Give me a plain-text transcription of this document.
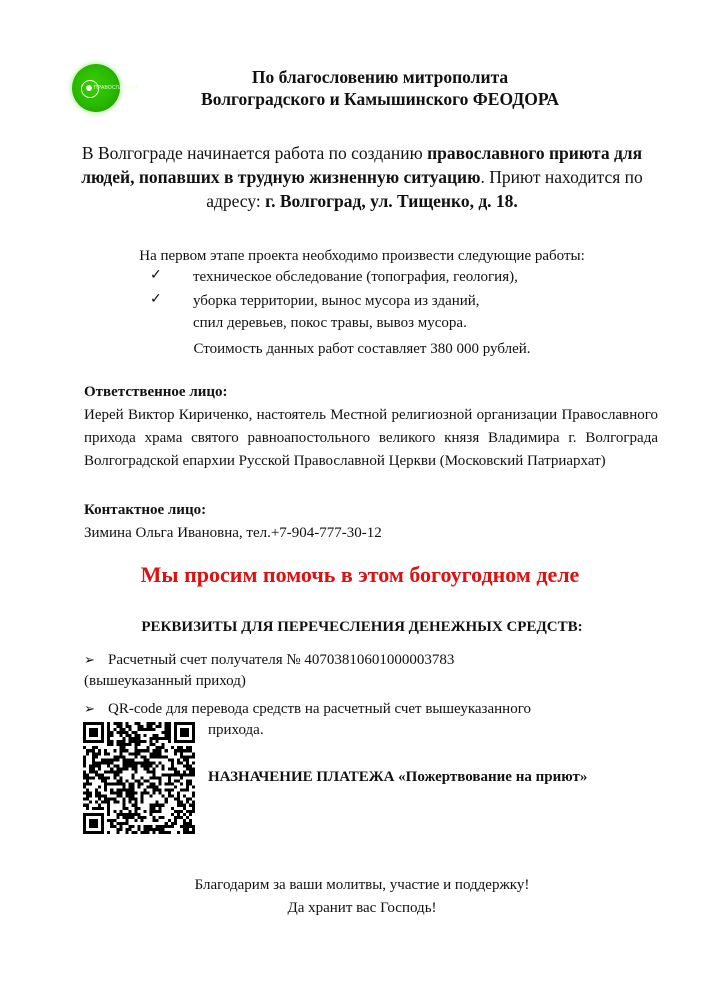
ПРАВОСЛАВНЫЙ
По благословению митрополита
Волгоградского и Камышинского ФЕОДОРА
В Волгограде начинается работа по созданию православного приюта для людей, попавших в трудную жизненную ситуацию. Приют находится по адресу: г. Волгоград, ул. Тищенко, д. 18.
На первом этапе проекта необходимо произвести следующие работы:
✓ техническое обследование (топография, геология),
✓ уборка территории, вынос мусора из зданий,
спил деревьев, покос травы, вывоз мусора.
Стоимость данных работ составляет 380 000 рублей.
Ответственное лицо:
Иерей Виктор Кириченко, настоятель Местной религиозной организации Православного прихода храма святого равноапостольного великого князя Владимира г. Волгограда Волгоградской епархии Русской Православной Церкви (Московский Патриархат)
Контактное лицо:
Зимина Ольга Ивановна, тел.+7-904-777-30-12
Мы просим помочь в этом богоугодном деле
РЕКВИЗИТЫ ДЛЯ ПЕРЕЧЕСЛЕНИЯ ДЕНЕЖНЫХ СРЕДСТВ:
➢ Расчетный счет получателя № 40703810601000003783
(вышеуказанный приход)
➢ QR-code для перевода средств на расчетный счет вышеуказанного
прихода.
НАЗНАЧЕНИЕ ПЛАТЕЖА «Пожертвование на приют»
Благодарим за ваши молитвы, участие и поддержку!
Да хранит вас Господь!
